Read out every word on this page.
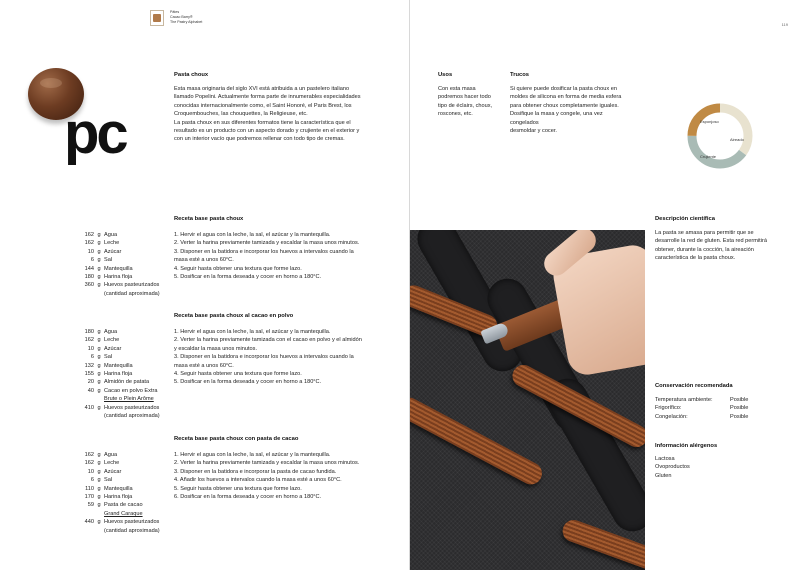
Pâtes
Cacao Barry®
The Pastry Alphabet
pc
Pasta choux
Esta masa originaria del siglo XVI está atribuida a un pastelero italiano
llamado Popelini. Actualmente forma parte de innumerables especialidades
conocidas internacionalmente como, el Saint Honoré, el Paris Brest, los
Croquembouches, las chouquettes, la Religieuse, etc.
La pasta choux en sus diferentes formatos tiene la característica que el
resultado es un producto con un aspecto dorado y crujiente en el exterior y
con un interior vacío que podremos rellenar con todo tipo de cremas.
Receta base pasta choux
162 g Agua
162 g Leche
10 g Azúcar
6 g Sal
144 g Mantequilla
180 g Harina floja
360 g Huevos pasteurizados
(cantidad aproximada)
1. Hervir el agua con la leche, la sal, el azúcar y la mantequilla.
2. Verter la harina previamente tamizada y escaldar la masa unos minutos.
3. Disponer en la batidora e incorporar los huevos a intervalos cuando la
masa esté a unos 60°C.
4. Seguir hasta obtener una textura que forme lazo.
5. Dosificar en la forma deseada y cocer en horno a 180°C.
Receta base pasta choux al cacao en polvo
180 g Agua
162 g Leche
10 g Azúcar
6 g Sal
132 g Mantequilla
155 g Harina floja
20 g Almidón de patata
40 g Cacao en polvo Extra
Brute o Plein Arôme
410 g Huevos pasteurizados
(cantidad aproximada)
1. Hervir el agua con la leche, la sal, el azúcar y la mantequilla.
2. Verter la harina previamente tamizada con el cacao en polvo y el almidón
y escaldar la masa unos minutos.
3. Disponer en la batidora e incorporar los huevos a intervalos cuando la
masa esté a unos 60°C.
4. Seguir hasta obtener una textura que forme lazo.
5. Dosificar en la forma deseada y cocer en horno a 180°C.
Receta base pasta choux con pasta de cacao
162 g Agua
162 g Leche
10 g Azúcar
6 g Sal
110 g Mantequilla
170 g Harina floja
59 g Pasta de cacao
Grand Caraque
440 g Huevos pasteurizados
(cantidad aproximada)
1. Hervir el agua con la leche, la sal, el azúcar y la mantequilla.
2. Verter la harina previamente tamizada y escaldar la masa unos minutos.
3. Disponer en la batidora e incorporar la pasta de cacao fundida.
4. Añadir los huevos a intervalos cuando la masa esté a unos 60°C.
5. Seguir hasta obtener una textura que forme lazo.
6. Dosificar en la forma deseada y cocer en horno a 180°C.
119
Usos
Con esta masa
podremos hacer todo
tipo de éclairs, choux,
roscones, etc.
Trucos
Si quiere puede dosificar la pasta choux en
moldes de silicona en forma de media esfera
para obtener choux completamente iguales.
Dosifique la masa y congele, una vez congelados
desmoldar y cocer.
Esponjoso
Aireado
Crujiente
Descripción científica
La pasta se amasa para permitir que se
desarrolle la red de gluten. Esta red permitirá
obtener, durante la cocción, la aireación
característica de la pasta choux.
Conservación recomendada
Temperatura ambiente:	Posible
Frigorífico:	Posible
Congelación:	Posible
Información alérgenos
Lactosa
Ovoproductos
Gluten
